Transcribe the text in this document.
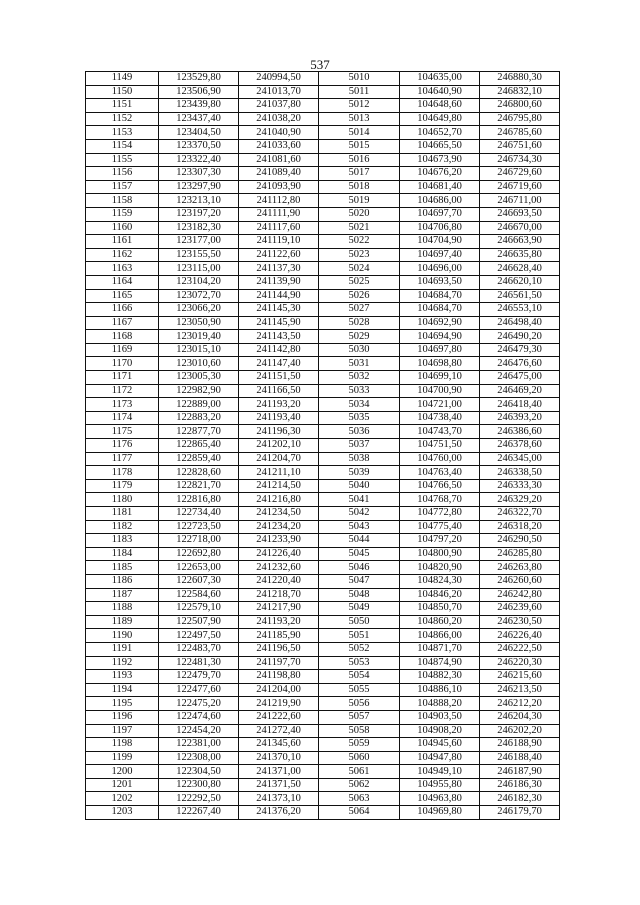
537
1149	123529,80	240994,50	5010	104635,00	246880,30
1150	123506,90	241013,70	5011	104640,90	246832,10
1151	123439,80	241037,80	5012	104648,60	246800,60
1152	123437,40	241038,20	5013	104649,80	246795,80
1153	123404,50	241040,90	5014	104652,70	246785,60
1154	123370,50	241033,60	5015	104665,50	246751,60
1155	123322,40	241081,60	5016	104673,90	246734,30
1156	123307,30	241089,40	5017	104676,20	246729,60
1157	123297,90	241093,90	5018	104681,40	246719,60
1158	123213,10	241112,80	5019	104686,00	246711,00
1159	123197,20	241111,90	5020	104697,70	246693,50
1160	123182,30	241117,60	5021	104706,80	246670,00
1161	123177,00	241119,10	5022	104704,90	246663,90
1162	123155,50	241122,60	5023	104697,40	246635,80
1163	123115,00	241137,30	5024	104696,00	246628,40
1164	123104,20	241139,90	5025	104693,50	246620,10
1165	123072,70	241144,90	5026	104684,70	246561,50
1166	123066,20	241145,30	5027	104684,70	246553,10
1167	123050,90	241145,90	5028	104692,90	246498,40
1168	123019,40	241143,50	5029	104694,90	246490,20
1169	123015,10	241142,80	5030	104697,80	246479,30
1170	123010,60	241147,40	5031	104698,80	246476,60
1171	123005,30	241151,50	5032	104699,10	246475,00
1172	122982,90	241166,50	5033	104700,90	246469,20
1173	122889,00	241193,20	5034	104721,00	246418,40
1174	122883,20	241193,40	5035	104738,40	246393,20
1175	122877,70	241196,30	5036	104743,70	246386,60
1176	122865,40	241202,10	5037	104751,50	246378,60
1177	122859,40	241204,70	5038	104760,00	246345,00
1178	122828,60	241211,10	5039	104763,40	246338,50
1179	122821,70	241214,50	5040	104766,50	246333,30
1180	122816,80	241216,80	5041	104768,70	246329,20
1181	122734,40	241234,50	5042	104772,80	246322,70
1182	122723,50	241234,20	5043	104775,40	246318,20
1183	122718,00	241233,90	5044	104797,20	246290,50
1184	122692,80	241226,40	5045	104800,90	246285,80
1185	122653,00	241232,60	5046	104820,90	246263,80
1186	122607,30	241220,40	5047	104824,30	246260,60
1187	122584,60	241218,70	5048	104846,20	246242,80
1188	122579,10	241217,90	5049	104850,70	246239,60
1189	122507,90	241193,20	5050	104860,20	246230,50
1190	122497,50	241185,90	5051	104866,00	246226,40
1191	122483,70	241196,50	5052	104871,70	246222,50
1192	122481,30	241197,70	5053	104874,90	246220,30
1193	122479,70	241198,80	5054	104882,30	246215,60
1194	122477,60	241204,00	5055	104886,10	246213,50
1195	122475,20	241219,90	5056	104888,20	246212,20
1196	122474,60	241222,60	5057	104903,50	246204,30
1197	122454,20	241272,40	5058	104908,20	246202,20
1198	122381,00	241345,60	5059	104945,60	246188,90
1199	122308,00	241370,10	5060	104947,80	246188,40
1200	122304,50	241371,00	5061	104949,10	246187,90
1201	122300,80	241371,50	5062	104955,80	246186,30
1202	122292,50	241373,10	5063	104963,80	246182,30
1203	122267,40	241376,20	5064	104969,80	246179,70
